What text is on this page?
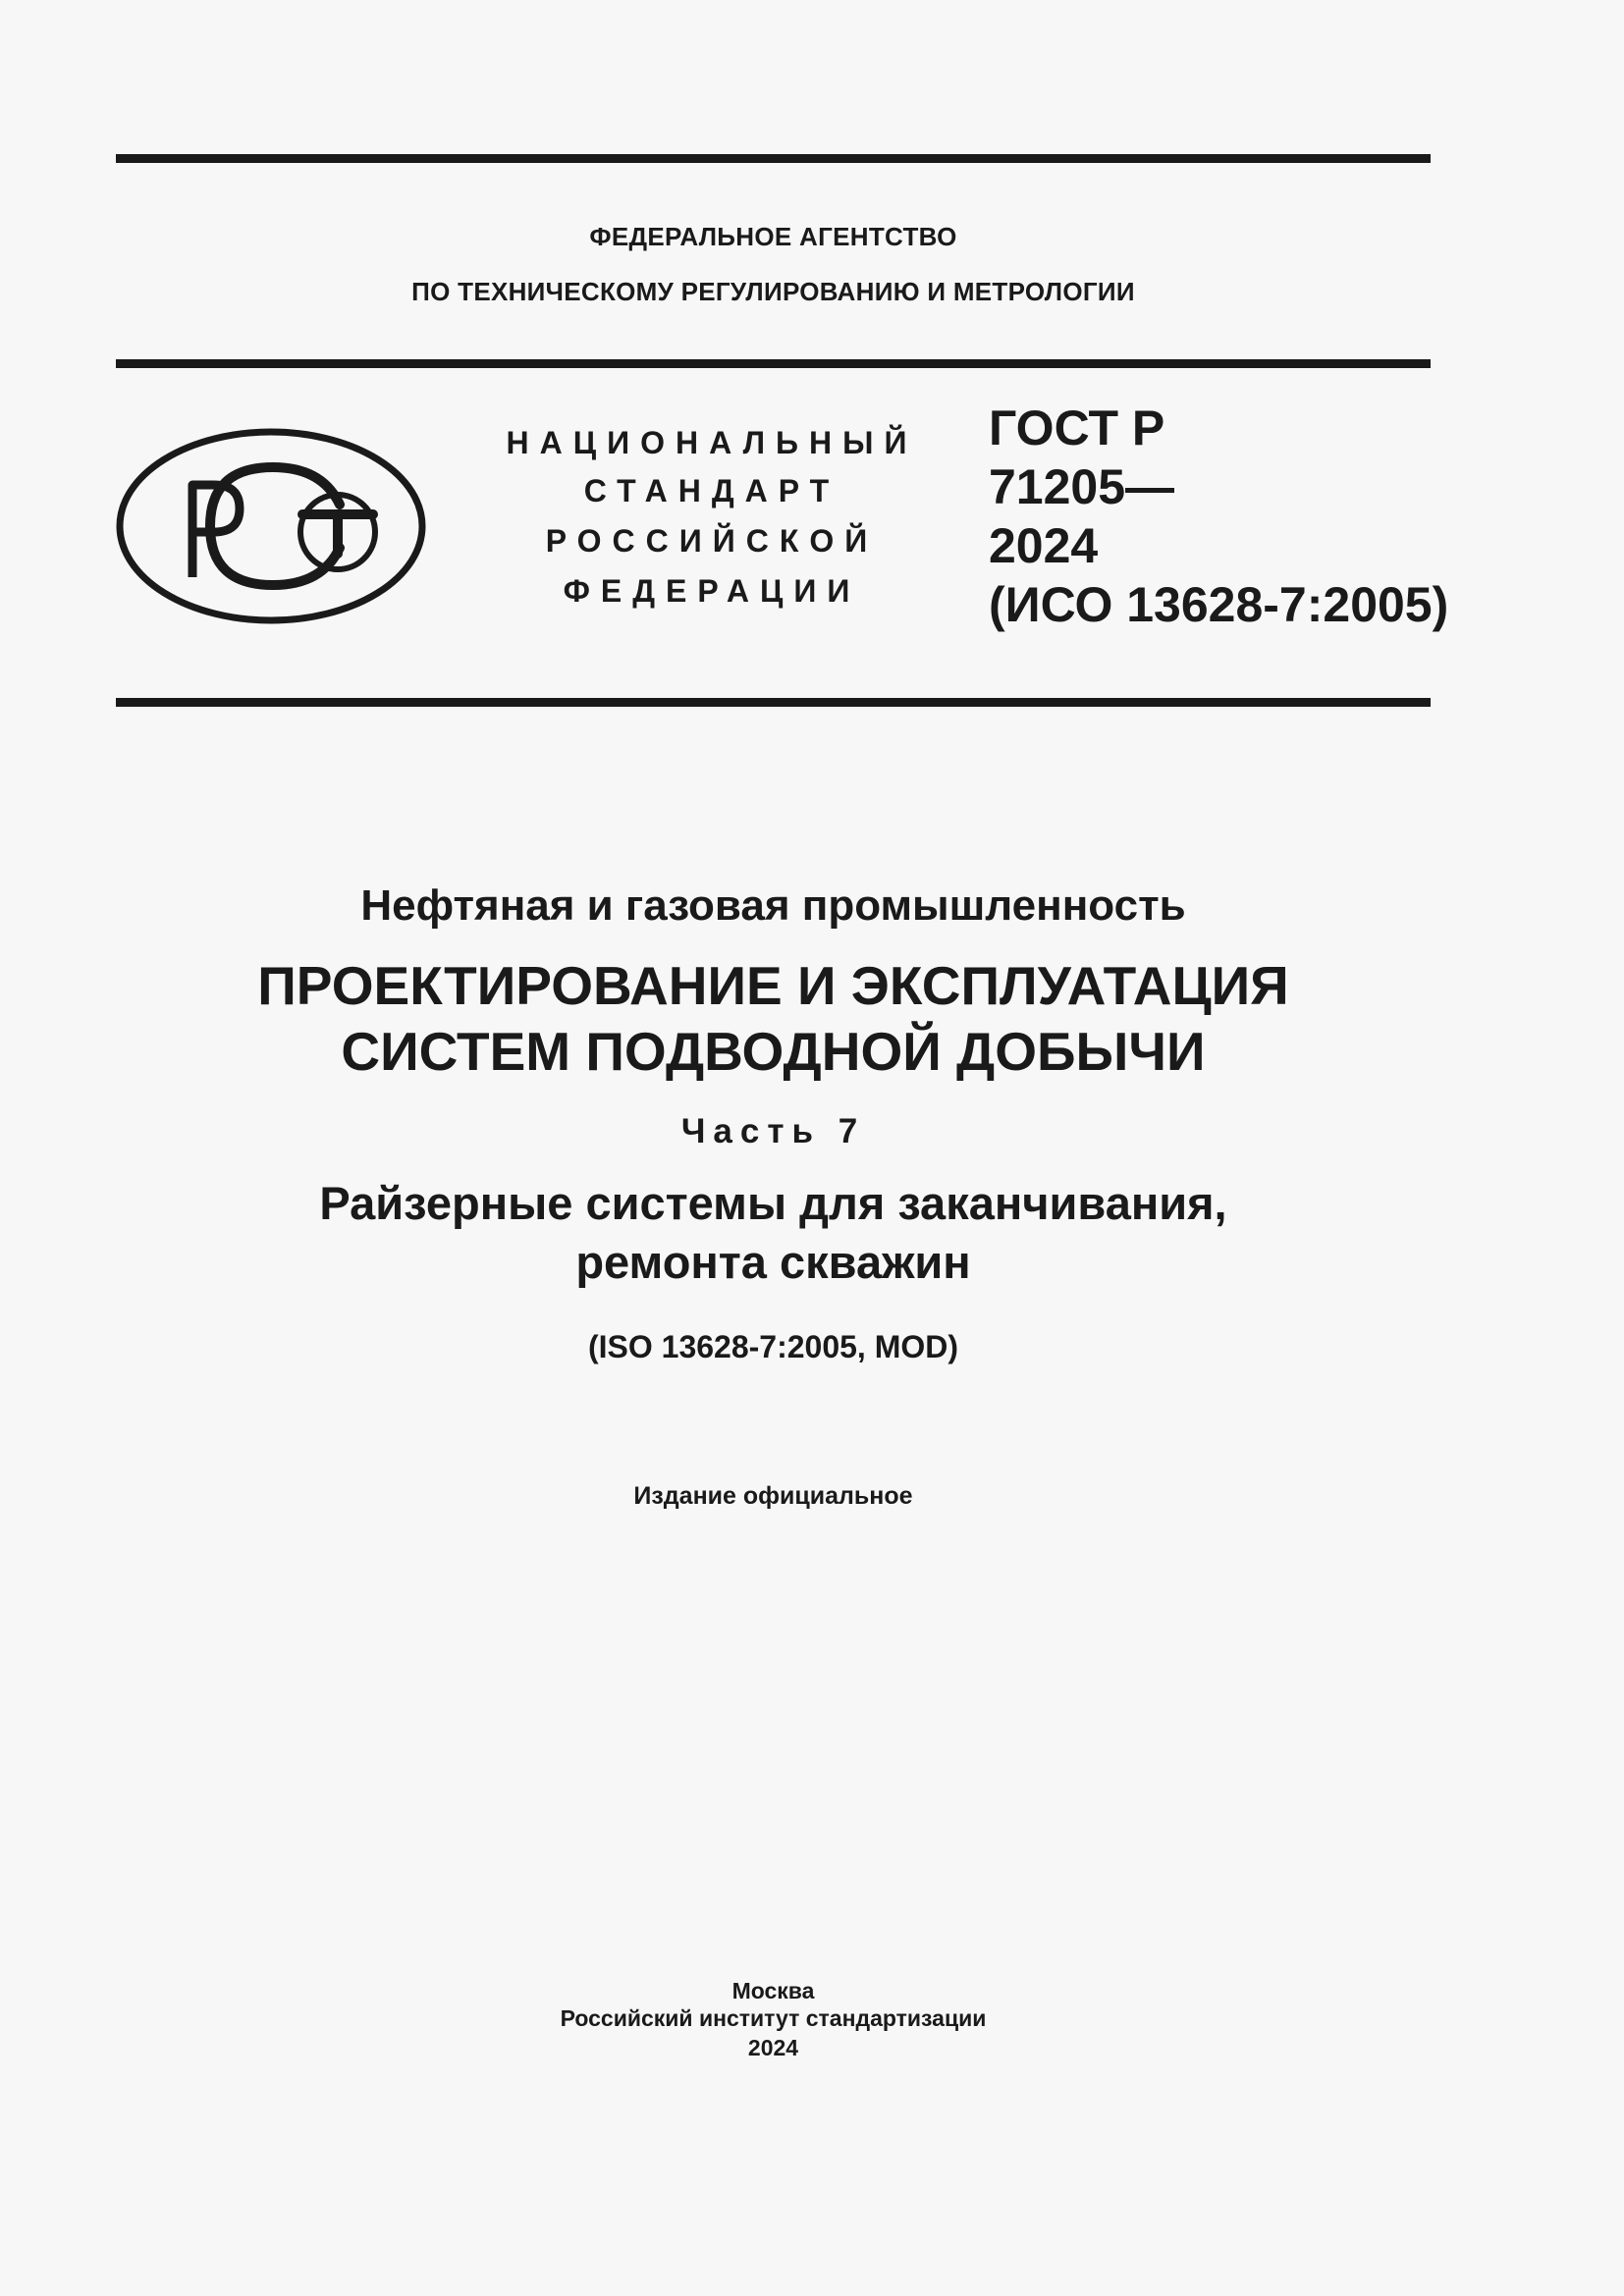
ФЕДЕРАЛЬНОЕ АГЕНТСТВО
ПО ТЕХНИЧЕСКОМУ РЕГУЛИРОВАНИЮ И МЕТРОЛОГИИ
НАЦИОНАЛЬНЫЙ
СТАНДАРТ
РОССИЙСКОЙ
ФЕДЕРАЦИИ
ГОСТ Р
71205—
2024
(ИСО 13628-7:2005)
Нефтяная и газовая промышленность
ПРОЕКТИРОВАНИЕ И ЭКСПЛУАТАЦИЯ
СИСТЕМ ПОДВОДНОЙ ДОБЫЧИ
Часть 7
Райзерные системы для заканчивания,
ремонта скважин
(ISO 13628-7:2005, MOD)
Издание официальное
Москва
Российский институт стандартизации
2024
